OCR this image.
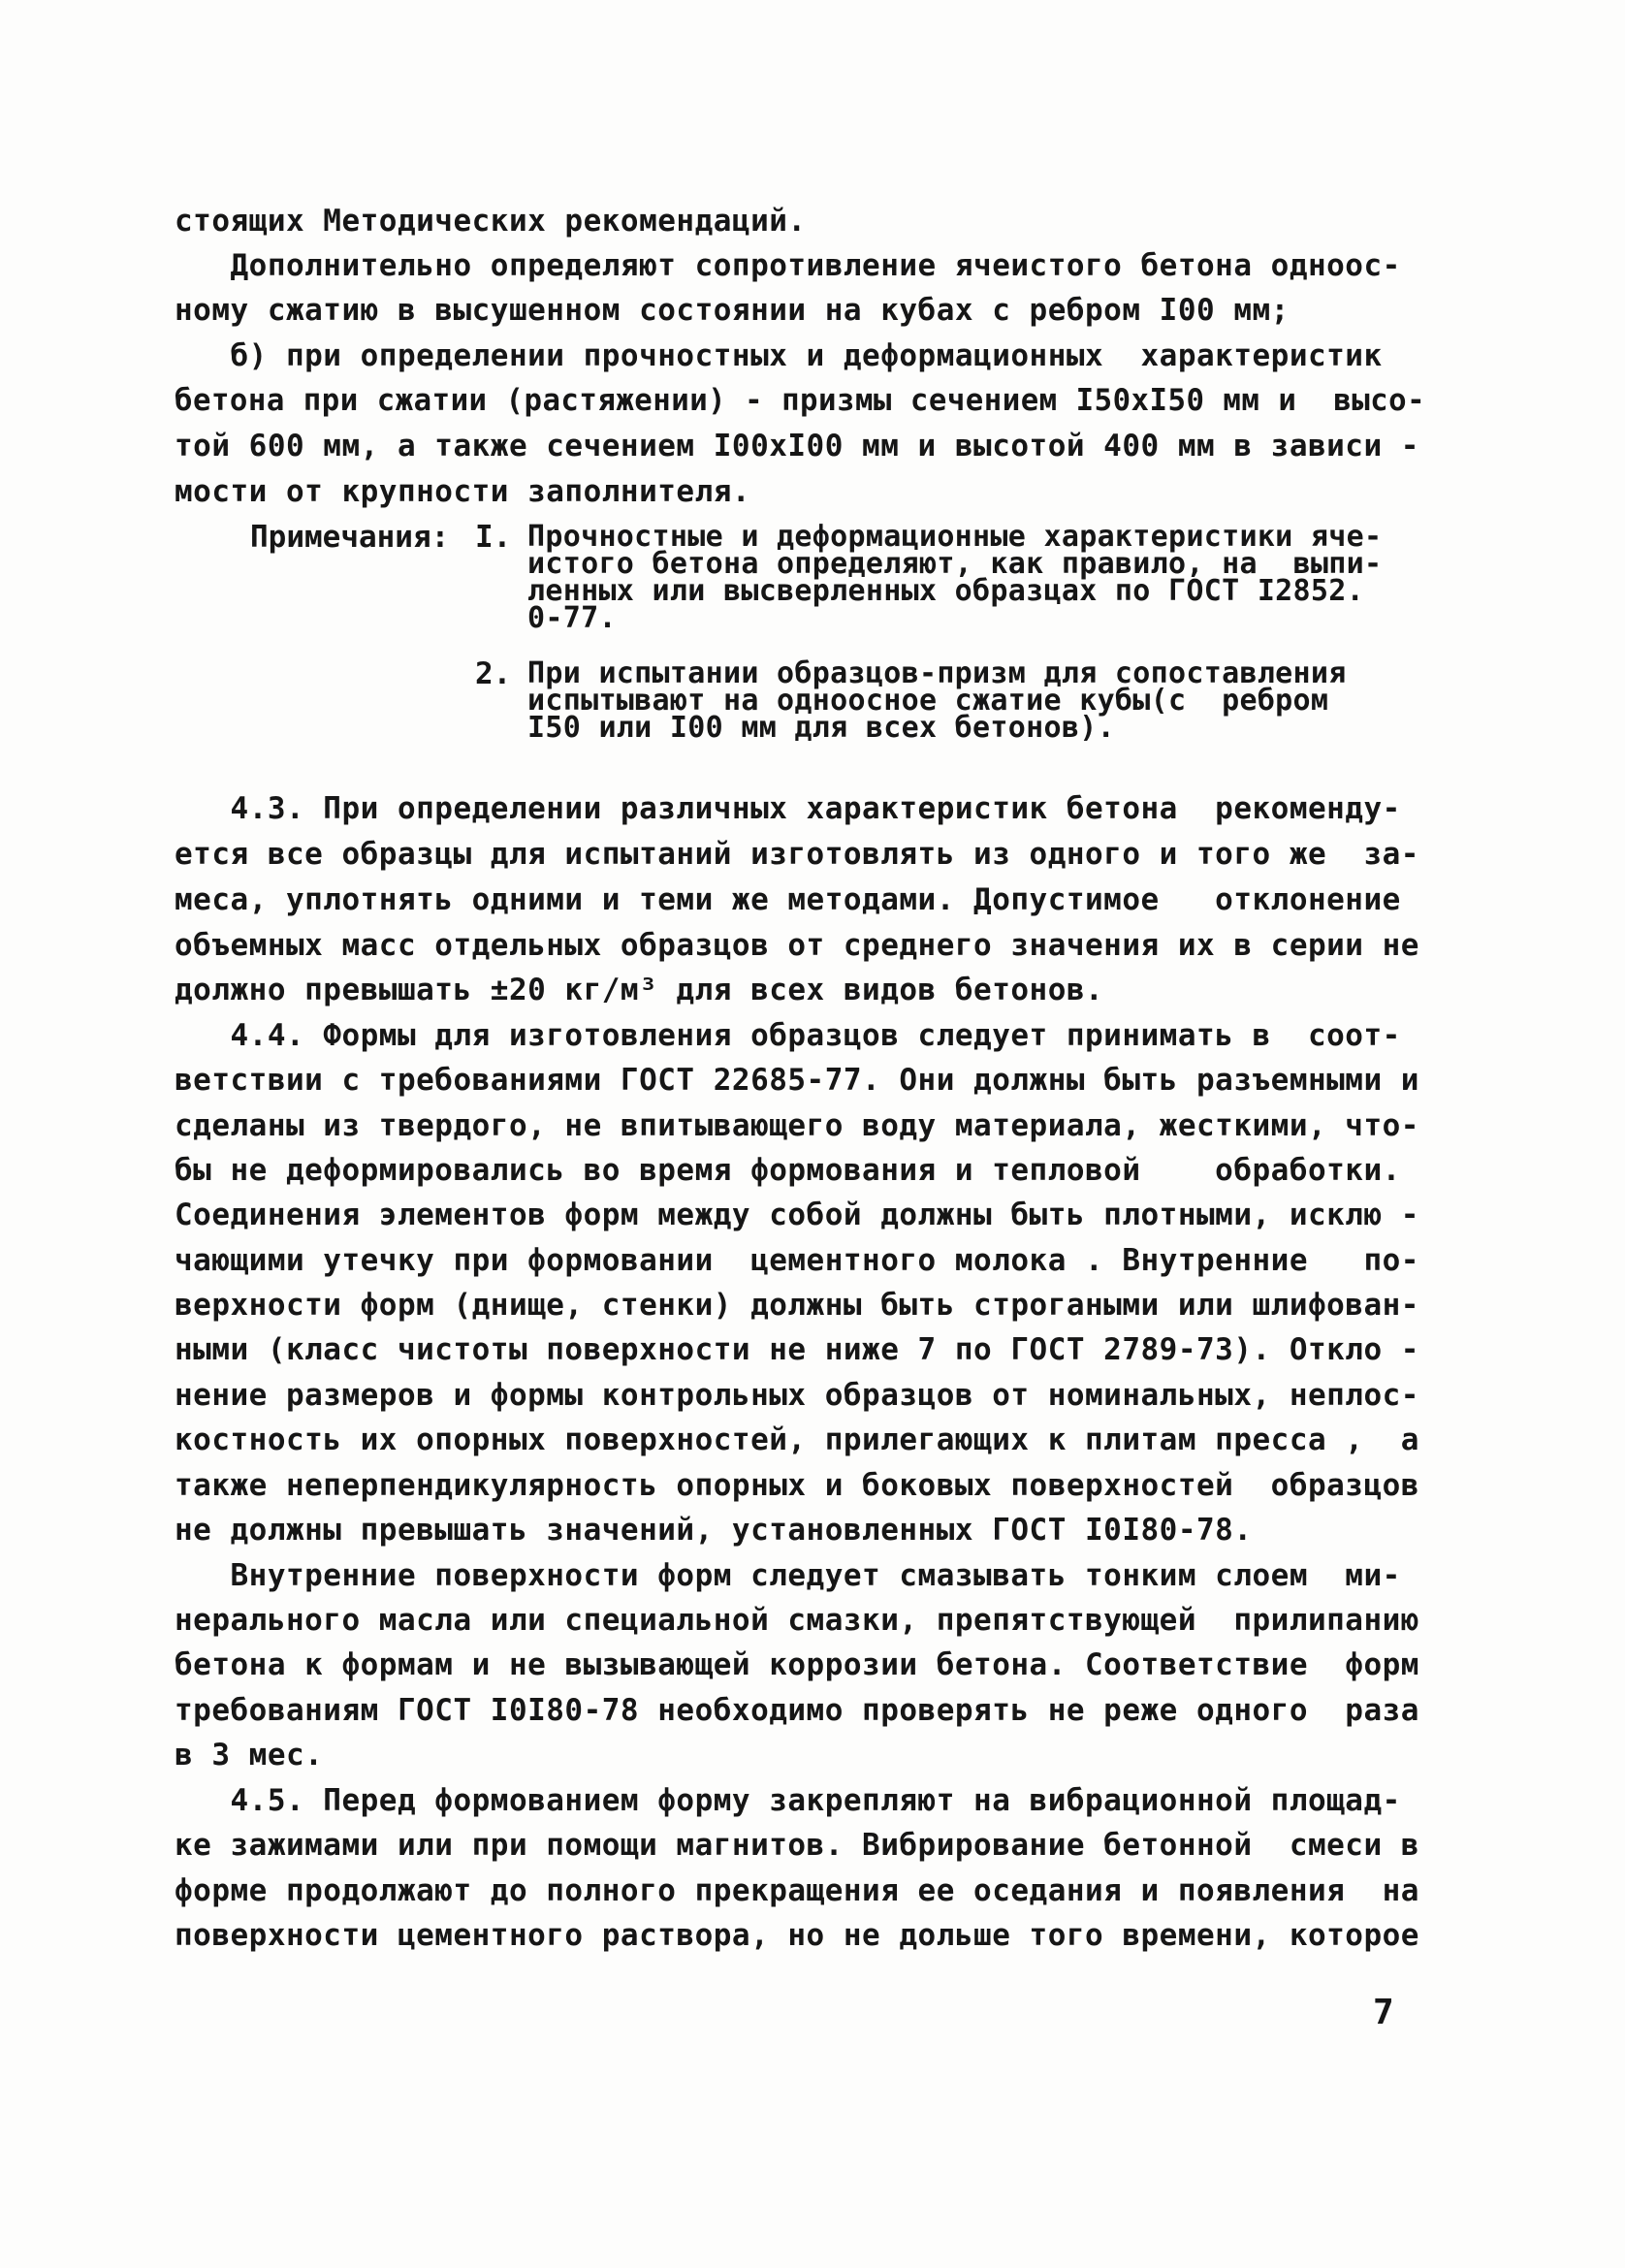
стоящих Методических рекомендаций.
Дополнительно определяют сопротивление ячеистого бетона одноос-
ному сжатию в высушенном состоянии на кубах с ребром I00 мм;
б) при определении прочностных и деформационных  характеристик
бетона при сжатии (растяжении) - призмы сечением I50xI50 мм и  высо-
той 600 мм, а также сечением I00xI00 мм и высотой 400 мм в зависи -
мости от крупности заполнителя.
Примечания: I. Прочностные и деформационные характеристики яче-
истого бетона определяют, как правило, на  выпи-
ленных или высверленных образцах по ГОСТ I2852.
0-77.
2. При испытании образцов-призм для сопоставления
испытывают на одноосное сжатие кубы(с  ребром
I50 или I00 мм для всех бетонов).
4.3. При определении различных характеристик бетона  рекоменду-
ется все образцы для испытаний изготовлять из одного и того же  за-
меса, уплотнять одними и теми же методами. Допустимое   отклонение
объемных масс отдельных образцов от среднего значения их в серии не
должно превышать ±20 кг/м³ для всех видов бетонов.
4.4. Формы для изготовления образцов следует принимать в  соот-
ветствии с требованиями ГОСТ 22685-77. Они должны быть разъемными и
сделаны из твердого, не впитывающего воду материала, жесткими, что-
бы не деформировались во время формования и тепловой    обработки.
Соединения элементов форм между собой должны быть плотными, исклю -
чающими утечку при формовании  цементного молока . Внутренние   по-
верхности форм (днище, стенки) должны быть строгаными или шлифован-
ными (класс чистоты поверхности не ниже 7 по ГОСТ 2789-73). Откло -
нение размеров и формы контрольных образцов от номинальных, неплос-
костность их опорных поверхностей, прилегающих к плитам пресса ,  а
также неперпендикулярность опорных и боковых поверхностей  образцов
не должны превышать значений, установленных ГОСТ I0I80-78.
Внутренние поверхности форм следует смазывать тонким слоем  ми-
нерального масла или специальной смазки, препятствующей  прилипанию
бетона к формам и не вызывающей коррозии бетона. Соответствие  форм
требованиям ГОСТ I0I80-78 необходимо проверять не реже одного  раза
в 3 мес.
4.5. Перед формованием форму закрепляют на вибрационной площад-
ке зажимами или при помощи магнитов. Вибрирование бетонной  смеси в
форме продолжают до полного прекращения ее оседания и появления  на
поверхности цементного раствора, но не дольше того времени, которое
7
